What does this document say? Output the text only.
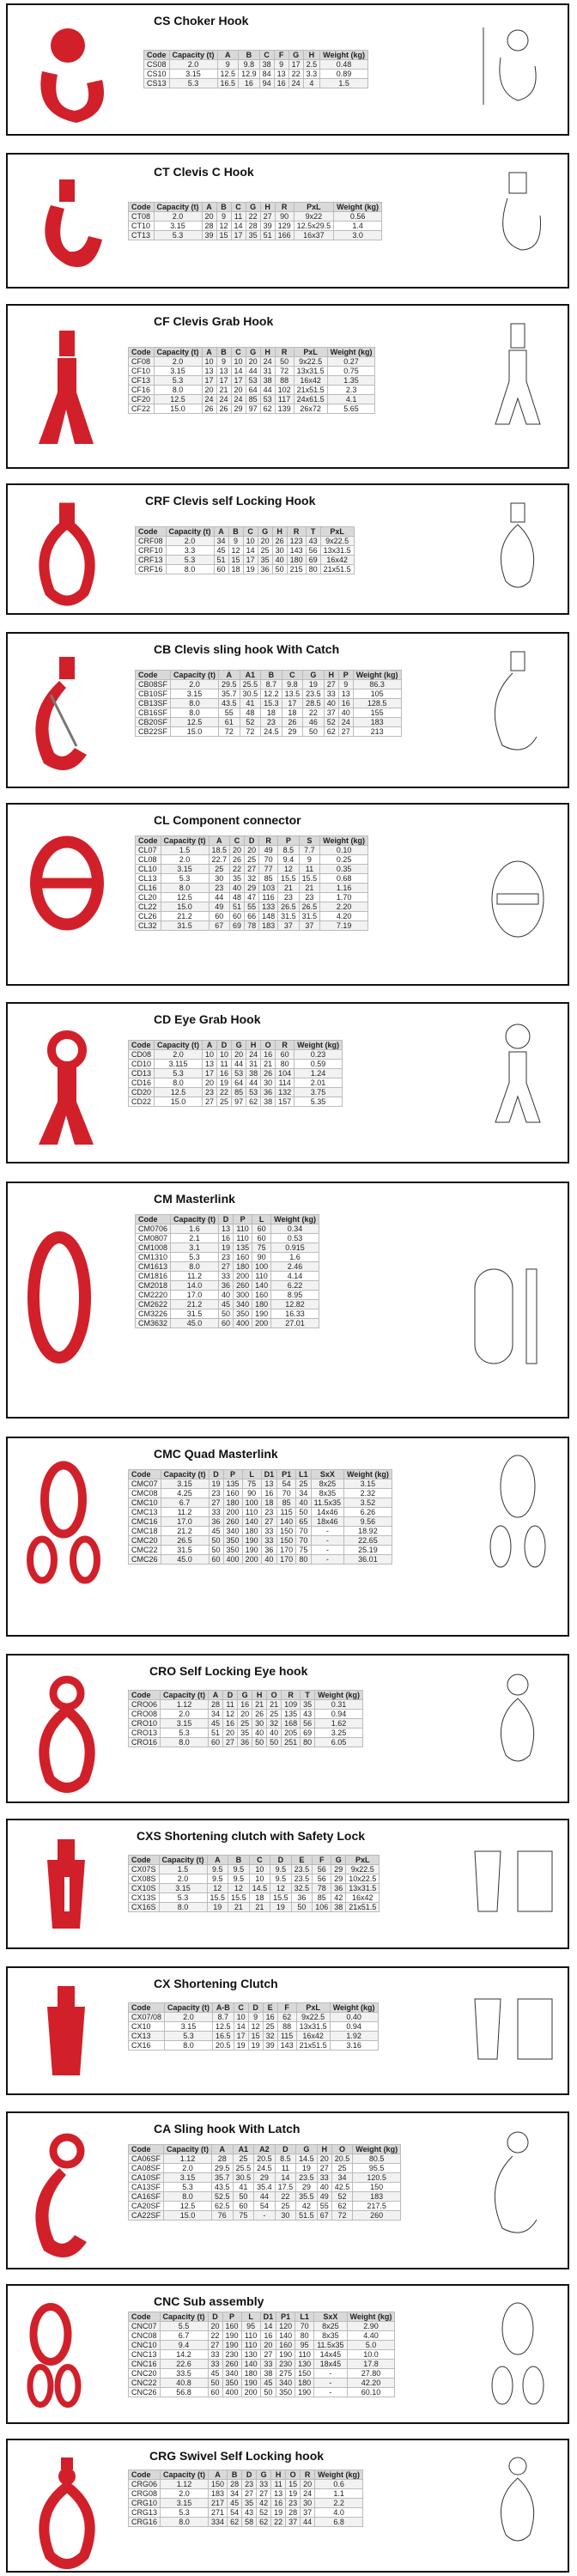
CS Choker Hook
Code	Capacity (t)	A	B	C	F	G	H	Weight (kg)
CS08	2.0	9	9.8	38	9	17	2.5	0.48
CS10	3.15	12.5	12.9	84	13	22	3.3	0.89
CS13	5.3	16.5	16	94	16	24	4	1.5
CT Clevis C Hook
Code	Capacity (t)	A	B	C	G	H	R	PxL	Weight (kg)
CT08	2.0	20	9	11	22	27	90	9x22	0.56
CT10	3.15	28	12	14	28	39	129	12.5x29.5	1.4
CT13	5.3	39	15	17	35	51	166	16x37	3.0
CF Clevis Grab Hook
Code	Capacity (t)	A	B	C	G	H	R	PxL	Weight (kg)
CF08	2.0	10	9	10	20	24	50	9x22.5	0.27
CF10	3.15	13	13	14	44	31	72	13x31.5	0.75
CF13	5.3	17	17	17	53	38	88	16x42	1.35
CF16	8.0	20	21	20	64	44	102	21x51.5	2.3
CF20	12.5	24	24	24	85	53	117	24x61.5	4.1
CF22	15.0	26	26	29	97	62	139	26x72	5.65
CRF Clevis self Locking Hook
Code	Capacity (t)	A	B	C	G	H	R	T	PxL
CRF08	2.0	34	9	10	20	26	123	43	9x22.5
CRF10	3.3	45	12	14	25	30	143	56	13x31.5
CRF13	5.3	51	15	17	35	40	180	69	16x42
CRF16	8.0	60	18	19	36	50	215	80	21x51.5
CB Clevis sling hook With Catch
Code	Capacity (t)	A	A1	B	C	G	H	P	Weight (kg)
CB08SF	2.0	29.5	25.5	8.7	9.8	19	27	9	86.3
CB10SF	3.15	35.7	30.5	12.2	13.5	23.5	33	13	105
CB13SF	8.0	43.5	41	15.3	17	28.5	40	16	128.5
CB16SF	8.0	55	48	18	18	22	37	40	155
CB20SF	12.5	61	52	23	26	46	52	24	183
CB22SF	15.0	72	72	24.5	29	50	62	27	213
CL Component connector
Code	Capacity (t)	A	C	D	R	P	S	Weight (kg)
CL07	1.5	18.5	20	20	49	8.5	7.7	0.10
CL08	2.0	22.7	26	25	70	9.4	9	0.25
CL10	3.15	25	22	27	77	12	11	0.35
CL13	5.3	30	35	32	85	15.5	15.5	0.68
CL16	8.0	23	40	29	103	21	21	1.16
CL20	12.5	44	48	47	116	23	23	1.70
CL22	15.0	49	51	55	133	26.5	26.5	2.20
CL26	21.2	60	60	66	148	31.5	31.5	4.20
CL32	31.5	67	69	78	183	37	37	7.19
CD Eye Grab Hook
Code	Capacity (t)	A	D	G	H	O	R	Weight (kg)
CD08	2.0	10	10	20	24	16	60	0.23
CD10	3.115	13	11	44	31	21	80	0.59
CD13	5.3	17	16	53	38	26	104	1.24
CD16	8.0	20	19	64	44	30	114	2.01
CD20	12.5	23	22	85	53	36	132	3.75
CD22	15.0	27	25	97	62	38	157	5.35
CM Masterlink
Code	Capacity (t)	D	P	L	Weight (kg)
CM0706	1.6	13	110	60	0.34
CM0807	2.1	16	110	60	0.53
CM1008	3.1	19	135	75	0.915
CM1310	5.3	23	160	90	1.6
CM1613	8.0	27	180	100	2.46
CM1816	11.2	33	200	110	4.14
CM2018	14.0	36	260	140	6.22
CM2220	17.0	40	300	160	8.95
CM2622	21.2	45	340	180	12.82
CM3226	31.5	50	350	190	16.33
CM3632	45.0	60	400	200	27.01
CMC Quad Masterlink
Code	Capacity (t)	D	P	L	D1	P1	L1	SxX	Weight (kg)
CMC07	3.15	19	135	75	13	54	25	8x25	3.15
CMC08	4.25	23	160	90	16	70	34	8x35	2.32
CMC10	6.7	27	180	100	18	85	40	11.5x35	3.52
CMC13	11.2	33	200	110	23	115	50	14x46	6.26
CMC16	17.0	36	260	140	27	140	65	18x46	9.56
CMC18	21.2	45	340	180	33	150	70	-	18.92
CMC20	26.5	50	350	190	33	150	70	-	22.65
CMC22	31.5	50	350	190	36	170	75	-	25.19
CMC26	45.0	60	400	200	40	170	80	-	36.01
CRO Self Locking Eye hook
Code	Capacity (t)	A	D	G	H	O	R	T	Weight (kg)
CRO06	1.12	28	11	16	21	21	109	35	0.31
CRO08	2.0	34	12	20	26	25	135	43	0.94
CRO10	3.15	45	16	25	30	32	168	56	1.62
CRO13	5.3	51	20	35	40	40	205	69	3.25
CRO16	8.0	60	27	36	50	50	251	80	6.05
CXS Shortening clutch with Safety Lock
Code	Capacity (t)	A	B	C	D	E	F	G	PxL
CX07S	1.5	9.5	9.5	10	9.5	23.5	56	29	9x22.5
CX08S	2.0	9.5	9.5	10	9.5	23.5	56	29	10x22.5
CX10S	3.15	12	12	14.5	12	32.5	78	36	13x31.5
CX13S	5.3	15.5	15.5	18	15.5	36	85	42	16x42
CX16S	8.0	19	21	21	19	50	106	38	21x51.5
CX Shortening Clutch
Code	Capacity (t)	A-B	C	D	E	F	PxL	Weight (kg)
CX07/08	2.0	8.7	10	9	16	62	9x22.5	0.40
CX10	3.15	12.5	14	12	25	88	13x31.5	0.94
CX13	5.3	16.5	17	15	32	115	16x42	1.92
CX16	8.0	20.5	19	19	39	143	21x51.5	3.16
CA Sling hook With Latch
Code	Capacity (t)	A	A1	A2	D	G	H	O	Weight (kg)
CA06SF	1.12	28	25	20.5	8.5	14.5	20	20.5	80.5
CA08SF	2.0	29.5	25.5	24.5	11	19	27	25	95.5
CA10SF	3.15	35.7	30.5	29	14	23.5	33	34	120.5
CA13SF	5.3	43.5	41	35.4	17.5	29	40	42.5	150
CA16SF	8.0	52.5	50	44	22	35.5	49	52	183
CA20SF	12.5	62.5	60	54	25	42	55	62	217.5
CA22SF	15.0	76	75	-	30	51.5	67	72	260
CNC Sub assembly
Code	Capacity (t)	D	P	L	D1	P1	L1	SxX	Weight (kg)
CNC07	5.5	20	160	95	14	120	70	8x25	2.90
CNC08	6.7	22	190	110	16	140	80	8x35	4.40
CNC10	9.4	27	190	110	20	160	95	11.5x35	5.0
CNC13	14.2	33	230	130	27	190	110	14x45	10.0
CNC16	22.6	33	260	140	33	230	130	18x45	17.8
CNC20	33.5	45	340	180	38	275	150	-	27.80
CNC22	40.8	50	350	190	45	340	180	-	42.20
CNC26	56.8	60	400	200	50	350	190	-	60.10
CRG Swivel Self Locking hook
Code	Capacity (t)	A	B	D	G	H	O	R	Weight (kg)
CRG06	1.12	150	28	23	33	11	15	20	0.6
CRG08	2.0	183	34	27	27	13	19	24	1.1
CRG10	3.15	217	45	35	42	16	23	30	2.2
CRG13	5.3	271	54	43	52	19	28	37	4.0
CRG16	8.0	334	62	58	62	22	37	44	6.8
